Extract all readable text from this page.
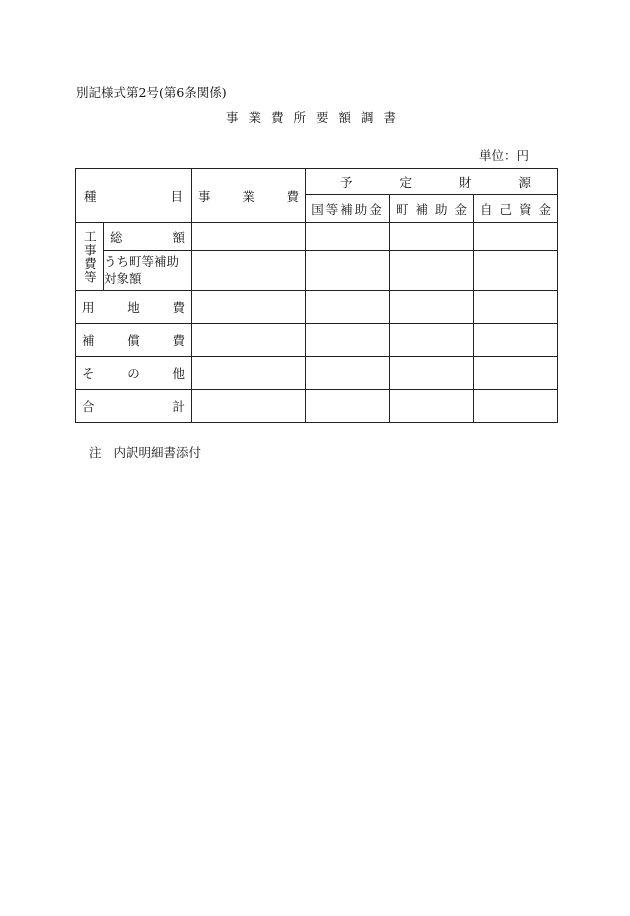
別記様式第2号(第6条関係)
事業費所要額調書
単位：円
種 目		事 業 費	予 定 財 源		

			国等補助金	町 補 助 金	自 己 資 金

工事費等	総 額				

	うち町等補助対象額				

用 地 費					

補 償 費					

そ の 他					

合 計					

注 内訳明細書添付
